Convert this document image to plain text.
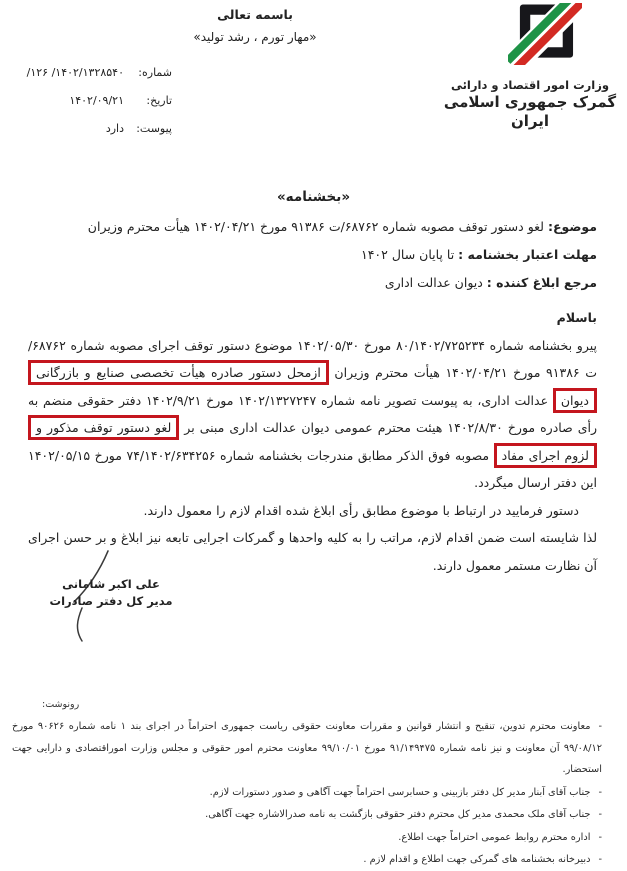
باسمه تعالی
«مهار تورم ، رشد تولید»
وزارت امور اقتصاد و دارائی
گمرک جمهوری اسلامی ایران
شماره:/۱۲۶ /۱۴۰۲/۱۳۲۸۵۴۰
تاریخ:۱۴۰۲/۰۹/۲۱
پیوست:دارد
«بخشنامه»
موضوع: لغو دستور توقف مصوبه شماره ۶۸۷۶۲/ت ۹۱۳۸۶ مورخ ۱۴۰۲/۰۴/۲۱ هیأت محترم وزیران
مهلت اعتبار بخشنامه : تا پایان سال ۱۴۰۲
مرجع ابلاغ کننده : دیوان عدالت اداری
باسلام
پیرو بخشنامه شماره ۸۰/۱۴۰۲/۷۲۵۲۳۴ مورخ ۱۴۰۲/۰۵/۳۰ موضوع دستور توقف اجرای مصوبه شماره ۶۸۷۶۲/ت ۹۱۳۸۶ مورخ ۱۴۰۲/۰۴/۲۱ هیأت محترم وزیران ازمحل دستور صادره هیأت تخصصی صنایع و بازرگانی دیوان عدالت اداری، به پیوست تصویر نامه شماره ۱۴۰۲/۱۳۲۷۲۴۷ مورخ ۱۴۰۲/۹/۲۱ دفتر حقوقی منضم به رأی صادره مورخ ۱۴۰۲/۸/۳۰ هیئت محترم عمومی دیوان عدالت اداری مبنی بر لغو دستور توقف مذکور و لزوم اجرای مفاد مصوبه فوق الذکر مطابق مندرجات بخشنامه شماره ۷۴/۱۴۰۲/۶۳۴۲۵۶ مورخ ۱۴۰۲/۰۵/۱۵ این دفتر ارسال میگردد.
دستور فرمایید در ارتباط با موضوع مطابق رأی ابلاغ شده اقدام لازم را معمول دارند.
لذا شایسته است ضمن اقدام لازم، مراتب را به کلیه واحدها و گمرکات اجرایی تابعه نیز ابلاغ و بر حسن اجرای آن نظارت مستمر معمول دارند.
علی اکبر شامانی
مدیر کل دفتر صادرات
رونوشت:
-معاونت محترم تدوین، تنقیح و انتشار قوانین و مقررات معاونت حقوقی ریاست جمهوری احتراماً در اجرای بند ۱ نامه شماره ۹۰۶۲۶ مورخ ۹۹/۰۸/۱۲ آن معاونت و نیز نامه شماره ۹۱/۱۴۹۴۷۵ مورخ ۹۹/۱۰/۰۱ معاونت محترم امور حقوقی و مجلس وزارت اموراقتصادی و دارایی جهت استحضار.
-جناب آقای آبنار مدیر کل دفتر بازبینی و حسابرسی احتراماً جهت آگاهی و صدور دستورات لازم.
-جناب آقای ملک محمدی مدیر کل محترم دفتر حقوقی بازگشت به نامه صدرالاشاره جهت آگاهی.
-اداره محترم روابط عمومی احتراماً جهت اطلاع.
-دبیرخانه بخشنامه های گمرکی جهت اطلاع و اقدام لازم .
